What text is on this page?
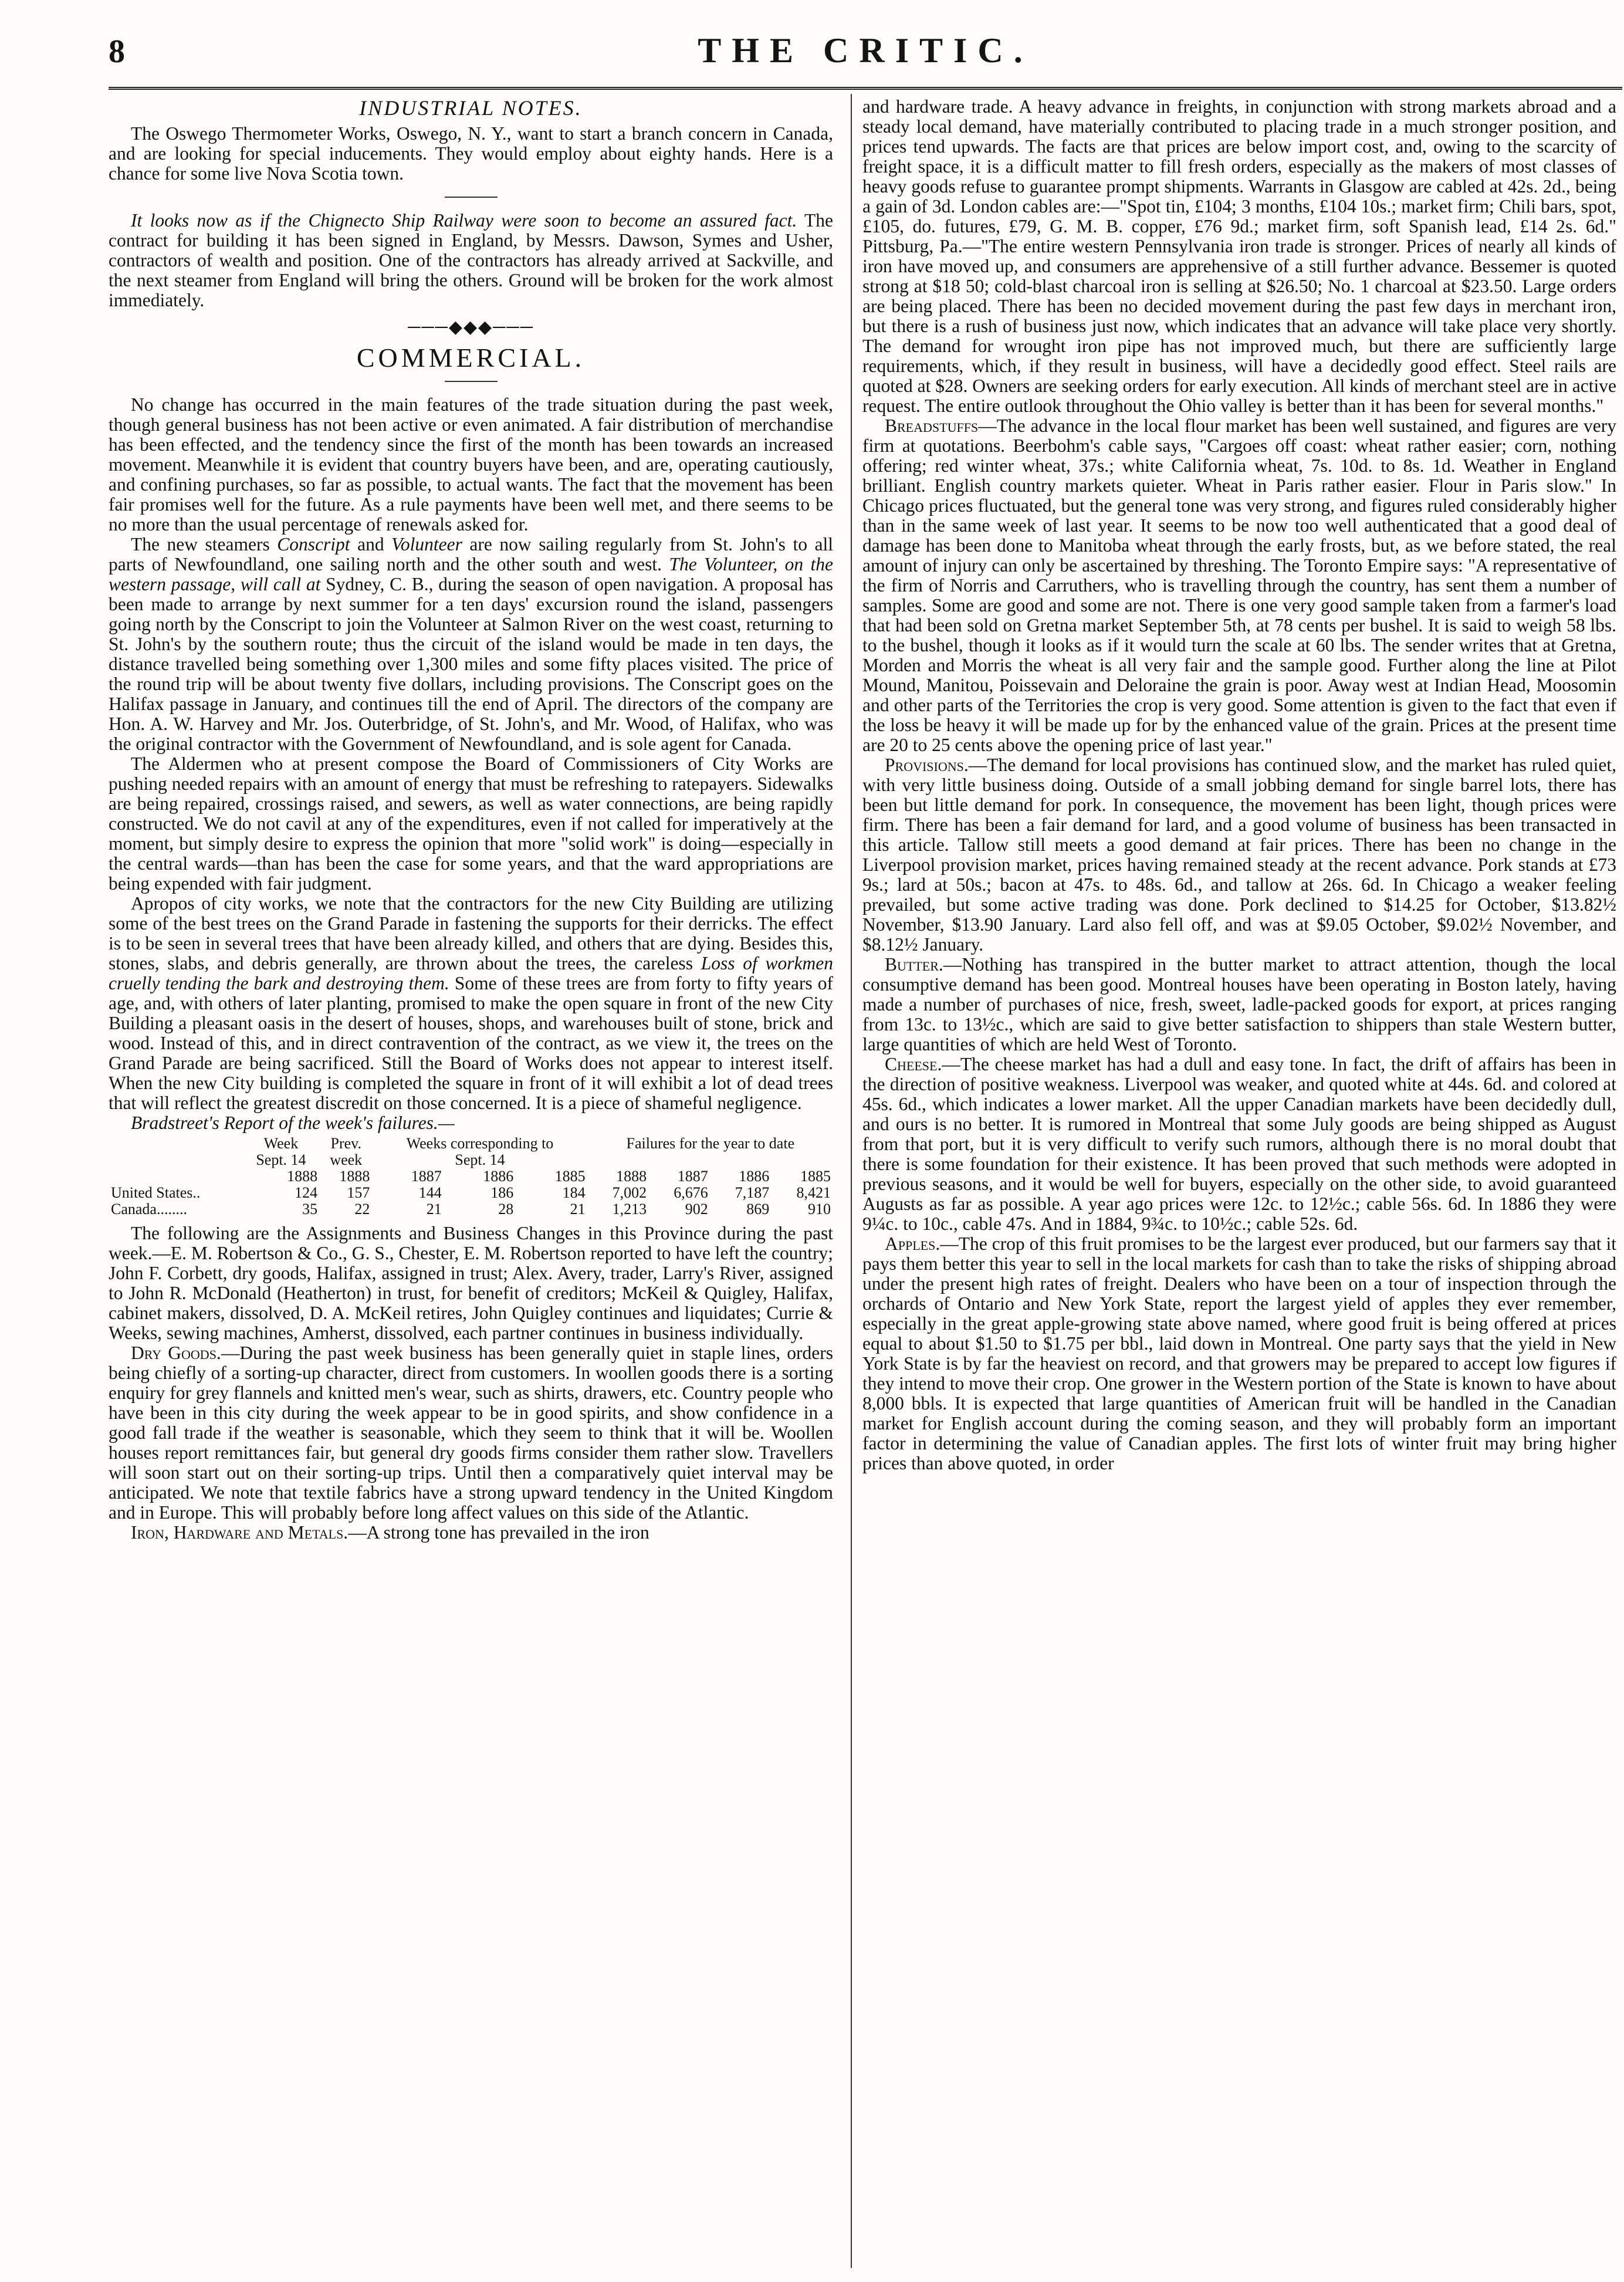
8	THE CRITIC.
INDUSTRIAL NOTES.

The Oswego Thermometer Works, Oswego, N. Y., want to start a branch concern in Canada, and are looking for special inducements. They would employ about eighty hands. Here is a chance for some live Nova Scotia town.

It looks now as if the Chignecto Ship Railway were soon to become an assured fact. The contract for building it has been signed in England, by Messrs. Dawson, Symes and Usher, contractors of wealth and position. One of the contractors has already arrived at Sackville, and the next steamer from England will bring the others. Ground will be broken for the work almost immediately.

───◆◆◆───
COMMERCIAL.

No change has occurred in the main features of the trade situation during the past week, though general business has not been active or even animated. A fair distribution of merchandise has been effected, and the tendency since the first of the month has been towards an increased movement. Meanwhile it is evident that country buyers have been, and are, operating cautiously, and confining purchases, so far as possible, to actual wants. The fact that the movement has been fair promises well for the future. As a rule payments have been well met, and there seems to be no more than the usual percentage of renewals asked for.

The new steamers Conscript and Volunteer are now sailing regularly from St. John's to all parts of Newfoundland, one sailing north and the other south and west. The Volunteer, on the western passage, will call at Sydney, C. B., during the season of open navigation. A proposal has been made to arrange by next summer for a ten days' excursion round the island, passengers going north by the Conscript to join the Volunteer at Salmon River on the west coast, returning to St. John's by the southern route; thus the circuit of the island would be made in ten days, the distance travelled being something over 1,300 miles and some fifty places visited. The price of the round trip will be about twenty five dollars, including provisions. The Conscript goes on the Halifax passage in January, and continues till the end of April. The directors of the company are Hon. A. W. Harvey and Mr. Jos. Outerbridge, of St. John's, and Mr. Wood, of Halifax, who was the original contractor with the Government of Newfoundland, and is sole agent for Canada.

The Aldermen who at present compose the Board of Commissioners of City Works are pushing needed repairs with an amount of energy that must be refreshing to ratepayers. Sidewalks are being repaired, crossings raised, and sewers, as well as water connections, are being rapidly constructed. We do not cavil at any of the expenditures, even if not called for imperatively at the moment, but simply desire to express the opinion that more "solid work" is doing—especially in the central wards—than has been the case for some years, and that the ward appropriations are being expended with fair judgment.

Apropos of city works, we note that the contractors for the new City Building are utilizing some of the best trees on the Grand Parade in fastening the supports for their derricks. The effect is to be seen in several trees that have been already killed, and others that are dying. Besides this, stones, slabs, and debris generally, are thrown about the trees, the careless Loss of workmen cruelly tending the bark and destroying them. Some of these trees are from forty to fifty years of age, and, with others of later planting, promised to make the open square in front of the new City Building a pleasant oasis in the desert of houses, shops, and warehouses built of stone, brick and wood. Instead of this, and in direct contravention of the contract, as we view it, the trees on the Grand Parade are being sacrificed. Still the Board of Works does not appear to interest itself. When the new City building is completed the square in front of it will exhibit a lot of dead trees that will reflect the greatest discredit on those concerned. It is a piece of shameful negligence.

Bradstreet's Report of the week's failures.—

	Week	Prev.	Weeks corresponding to			Failures for the year to date			
	Sept. 14	week	Sept. 14						
	1888	1888	1887	1886	1885	1888	1887	1886	1885
United States..	124	157	144	186	184	7,002	6,676	7,187	8,421
Canada........	35	22	21	28	21	1,213	902	869	910

The following are the Assignments and Business Changes in this Province during the past week.—E. M. Robertson & Co., G. S., Chester, E. M. Robertson reported to have left the country; John F. Corbett, dry goods, Halifax, assigned in trust; Alex. Avery, trader, Larry's River, assigned to John R. McDonald (Heatherton) in trust, for benefit of creditors; McKeil & Quigley, Halifax, cabinet makers, dissolved, D. A. McKeil retires, John Quigley continues and liquidates; Currie & Weeks, sewing machines, Amherst, dissolved, each partner continues in business individually.

Dry Goods.—During the past week business has been generally quiet in staple lines, orders being chiefly of a sorting-up character, direct from customers. In woollen goods there is a sorting enquiry for grey flannels and knitted men's wear, such as shirts, drawers, etc. Country people who have been in this city during the week appear to be in good spirits, and show confidence in a good fall trade if the weather is seasonable, which they seem to think that it will be. Woollen houses report remittances fair, but general dry goods firms consider them rather slow. Travellers will soon start out on their sorting-up trips. Until then a comparatively quiet interval may be anticipated. We note that textile fabrics have a strong upward tendency in the United Kingdom and in Europe. This will probably before long affect values on this side of the Atlantic.

Iron, Hardware and Metals.—A strong tone has prevailed in the iron

and hardware trade. A heavy advance in freights, in conjunction with strong markets abroad and a steady local demand, have materially contributed to placing trade in a much stronger position, and prices tend upwards. The facts are that prices are below import cost, and, owing to the scarcity of freight space, it is a difficult matter to fill fresh orders, especially as the makers of most classes of heavy goods refuse to guarantee prompt shipments. Warrants in Glasgow are cabled at 42s. 2d., being a gain of 3d. London cables are:—"Spot tin, £104; 3 months, £104 10s.; market firm; Chili bars, spot, £105, do. futures, £79, G. M. B. copper, £76 9d.; market firm, soft Spanish lead, £14 2s. 6d." Pittsburg, Pa.—"The entire western Pennsylvania iron trade is stronger. Prices of nearly all kinds of iron have moved up, and consumers are apprehensive of a still further advance. Bessemer is quoted strong at $18 50; cold-blast charcoal iron is selling at $26.50; No. 1 charcoal at $23.50. Large orders are being placed. There has been no decided movement during the past few days in merchant iron, but there is a rush of business just now, which indicates that an advance will take place very shortly. The demand for wrought iron pipe has not improved much, but there are sufficiently large requirements, which, if they result in business, will have a decidedly good effect. Steel rails are quoted at $28. Owners are seeking orders for early execution. All kinds of merchant steel are in active request. The entire outlook throughout the Ohio valley is better than it has been for several months."

Breadstuffs—The advance in the local flour market has been well sustained, and figures are very firm at quotations. Beerbohm's cable says, "Cargoes off coast: wheat rather easier; corn, nothing offering; red winter wheat, 37s.; white California wheat, 7s. 10d. to 8s. 1d. Weather in England brilliant. English country markets quieter. Wheat in Paris rather easier. Flour in Paris slow." In Chicago prices fluctuated, but the general tone was very strong, and figures ruled considerably higher than in the same week of last year. It seems to be now too well authenticated that a good deal of damage has been done to Manitoba wheat through the early frosts, but, as we before stated, the real amount of injury can only be ascertained by threshing. The Toronto Empire says: "A representative of the firm of Norris and Carruthers, who is travelling through the country, has sent them a number of samples. Some are good and some are not. There is one very good sample taken from a farmer's load that had been sold on Gretna market September 5th, at 78 cents per bushel. It is said to weigh 58 lbs. to the bushel, though it looks as if it would turn the scale at 60 lbs. The sender writes that at Gretna, Morden and Morris the wheat is all very fair and the sample good. Further along the line at Pilot Mound, Manitou, Poissevain and Deloraine the grain is poor. Away west at Indian Head, Moosomin and other parts of the Territories the crop is very good. Some attention is given to the fact that even if the loss be heavy it will be made up for by the enhanced value of the grain. Prices at the present time are 20 to 25 cents above the opening price of last year."

Provisions.—The demand for local provisions has continued slow, and the market has ruled quiet, with very little business doing. Outside of a small jobbing demand for single barrel lots, there has been but little demand for pork. In consequence, the movement has been light, though prices were firm. There has been a fair demand for lard, and a good volume of business has been transacted in this article. Tallow still meets a good demand at fair prices. There has been no change in the Liverpool provision market, prices having remained steady at the recent advance. Pork stands at £73 9s.; lard at 50s.; bacon at 47s. to 48s. 6d., and tallow at 26s. 6d. In Chicago a weaker feeling prevailed, but some active trading was done. Pork declined to $14.25 for October, $13.82½ November, $13.90 January. Lard also fell off, and was at $9.05 October, $9.02½ November, and $8.12½ January.

Butter.—Nothing has transpired in the butter market to attract attention, though the local consumptive demand has been good. Montreal houses have been operating in Boston lately, having made a number of purchases of nice, fresh, sweet, ladle-packed goods for export, at prices ranging from 13c. to 13½c., which are said to give better satisfaction to shippers than stale Western butter, large quantities of which are held West of Toronto.

Cheese.—The cheese market has had a dull and easy tone. In fact, the drift of affairs has been in the direction of positive weakness. Liverpool was weaker, and quoted white at 44s. 6d. and colored at 45s. 6d., which indicates a lower market. All the upper Canadian markets have been decidedly dull, and ours is no better. It is rumored in Montreal that some July goods are being shipped as August from that port, but it is very difficult to verify such rumors, although there is no moral doubt that there is some foundation for their existence. It has been proved that such methods were adopted in previous seasons, and it would be well for buyers, especially on the other side, to avoid guaranteed Augusts as far as possible. A year ago prices were 12c. to 12½c.; cable 56s. 6d. In 1886 they were 9¼c. to 10c., cable 47s. And in 1884, 9¾c. to 10½c.; cable 52s. 6d.

Apples.—The crop of this fruit promises to be the largest ever produced, but our farmers say that it pays them better this year to sell in the local markets for cash than to take the risks of shipping abroad under the present high rates of freight. Dealers who have been on a tour of inspection through the orchards of Ontario and New York State, report the largest yield of apples they ever remember, especially in the great apple-growing state above named, where good fruit is being offered at prices equal to about $1.50 to $1.75 per bbl., laid down in Montreal. One party says that the yield in New York State is by far the heaviest on record, and that growers may be prepared to accept low figures if they intend to move their crop. One grower in the Western portion of the State is known to have about 8,000 bbls. It is expected that large quantities of American fruit will be handled in the Canadian market for English account during the coming season, and they will probably form an important factor in determining the value of Canadian apples. The first lots of winter fruit may bring higher prices than above quoted, in order
